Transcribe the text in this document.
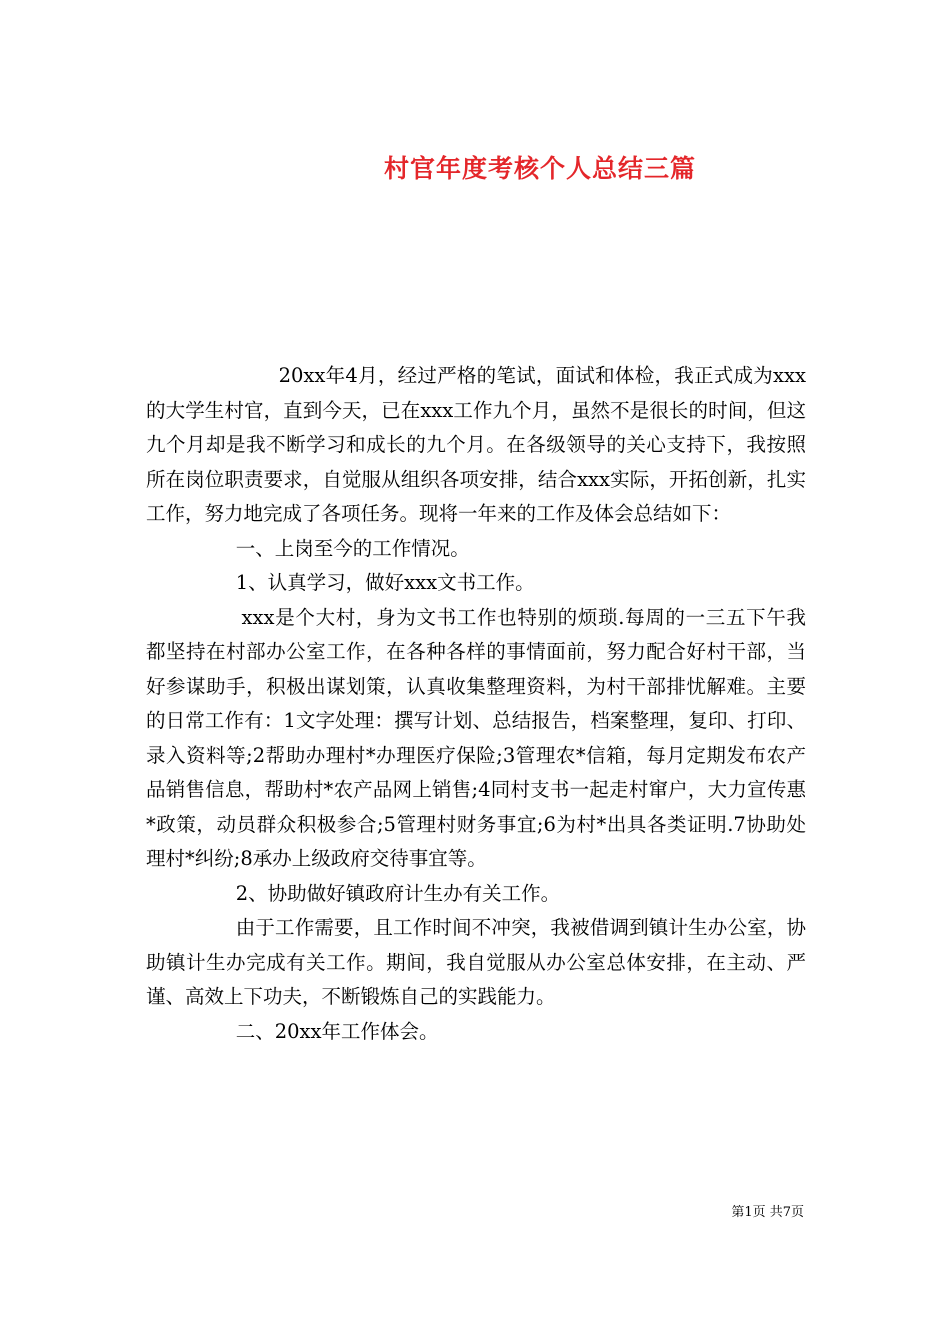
村官年度考核个人总结三篇

20xx年4月，经过严格的笔试，面试和体检，我正式成为xxx的大学生村官，直到今天，已在xxx工作九个月，虽然不是很长的时间，但这九个月却是我不断学习和成长的九个月。在各级领导的关心支持下，我按照所在岗位职责要求，自觉服从组织各项安排，结合xxx实际，开拓创新，扎实工作，努力地完成了各项任务。现将一年来的工作及体会总结如下：

一、上岗至今的工作情况。

1、认真学习，做好xxx文书工作。

xxx是个大村，身为文书工作也特别的烦琐.每周的一三五下午我都坚持在村部办公室工作，在各种各样的事情面前，努力配合好村干部，当好参谋助手，积极出谋划策，认真收集整理资料，为村干部排忧解难。主要的日常工作有：1文字处理：撰写计划、总结报告，档案整理，复印、打印、录入资料等;2帮助办理村*办理医疗保险;3管理农*信箱，每月定期发布农产品销售信息，帮助村*农产品网上销售;4同村支书一起走村窜户，大力宣传惠*政策，动员群众积极参合;5管理村财务事宜;6为村*出具各类证明.7协助处理村*纠纷;8承办上级政府交待事宜等。

2、协助做好镇政府计生办有关工作。

由于工作需要，且工作时间不冲突，我被借调到镇计生办公室，协助镇计生办完成有关工作。期间，我自觉服从办公室总体安排，在主动、严谨、高效上下功夫，不断锻炼自己的实践能力。

二、20xx年工作体会。

第1页 共7页
